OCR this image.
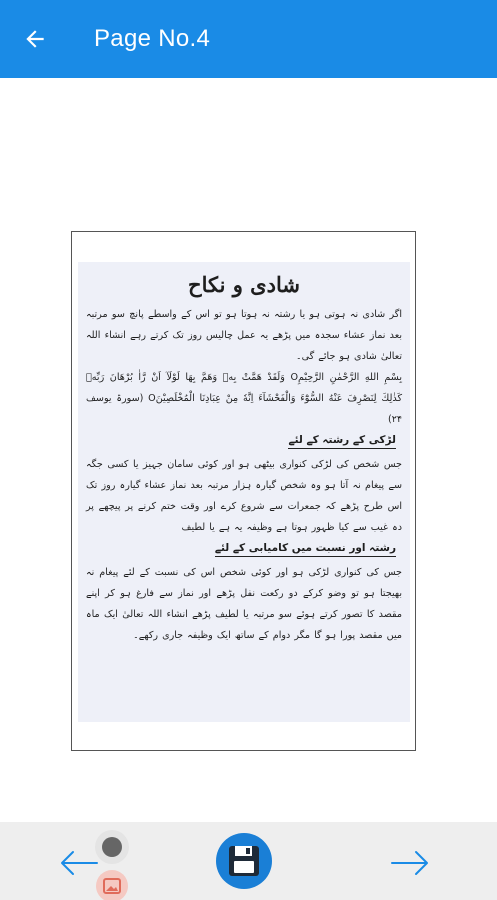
Page No.4
شادی و نکاح
اگر شادی نہ ہوتی ہو یا رشتہ نہ ہوتا ہو تو اس کے واسطے پانچ سو مرتبہ بعد نماز عشاء سجدہ میں پڑھے یہ عمل چالیس روز تک کرتے رہے انشاء اللہ تعالیٰ شادی ہو جائے گی۔
بِسْمِ اللهِ الرَّحْمٰنِ الرَّحِيْمِO وَلَقَدْ هَمَّتْ بِهٖ وَهَمَّ بِهَا لَوْلَآ اَنْ رَّاٰ بُرْهَانَ رَبِّهٖ كَذٰلِكَ لِنَصْرِفَ عَنْهُ السُّوْٓءَ وَالْفَحْشَآءَ اِنَّهٗ مِنْ عِبَادِنَا الْمُخْلَصِيْنَO (سورۃ یوسف ۲۴)
لڑکی کے رشتہ کے لئے
جس شخص کی لڑکی کنواری بیٹھی ہو اور کوئی سامان جہیز یا کسی جگہ سے پیغام نہ آتا ہو وہ شخص گیارہ ہزار مرتبہ بعد نماز عشاء گیارہ روز تک اس طرح پڑھے کہ جمعرات سے شروع کرے اور وقت ختم کرنے پر پیچھے پر دہ غیب سے کیا ظہور ہوتا ہے وظیفہ یہ ہے یا لطیف
رشتہ اور نسبت میں کامیابی کے لئے
جس کی کنواری لڑکی ہو اور کوئی شخص اس کی نسبت کے لئے پیغام نہ بھیجتا ہو تو وضو کرکے دو رکعت نفل پڑھے اور نماز سے فارغ ہو کر اپنے مقصد کا تصور کرتے ہوئے سو مرتبہ یا لطیف پڑھے انشاء اللہ تعالیٰ ایک ماہ میں مقصد پورا ہو گا مگر دوام کے ساتھ ایک وظیفہ جاری رکھے۔
